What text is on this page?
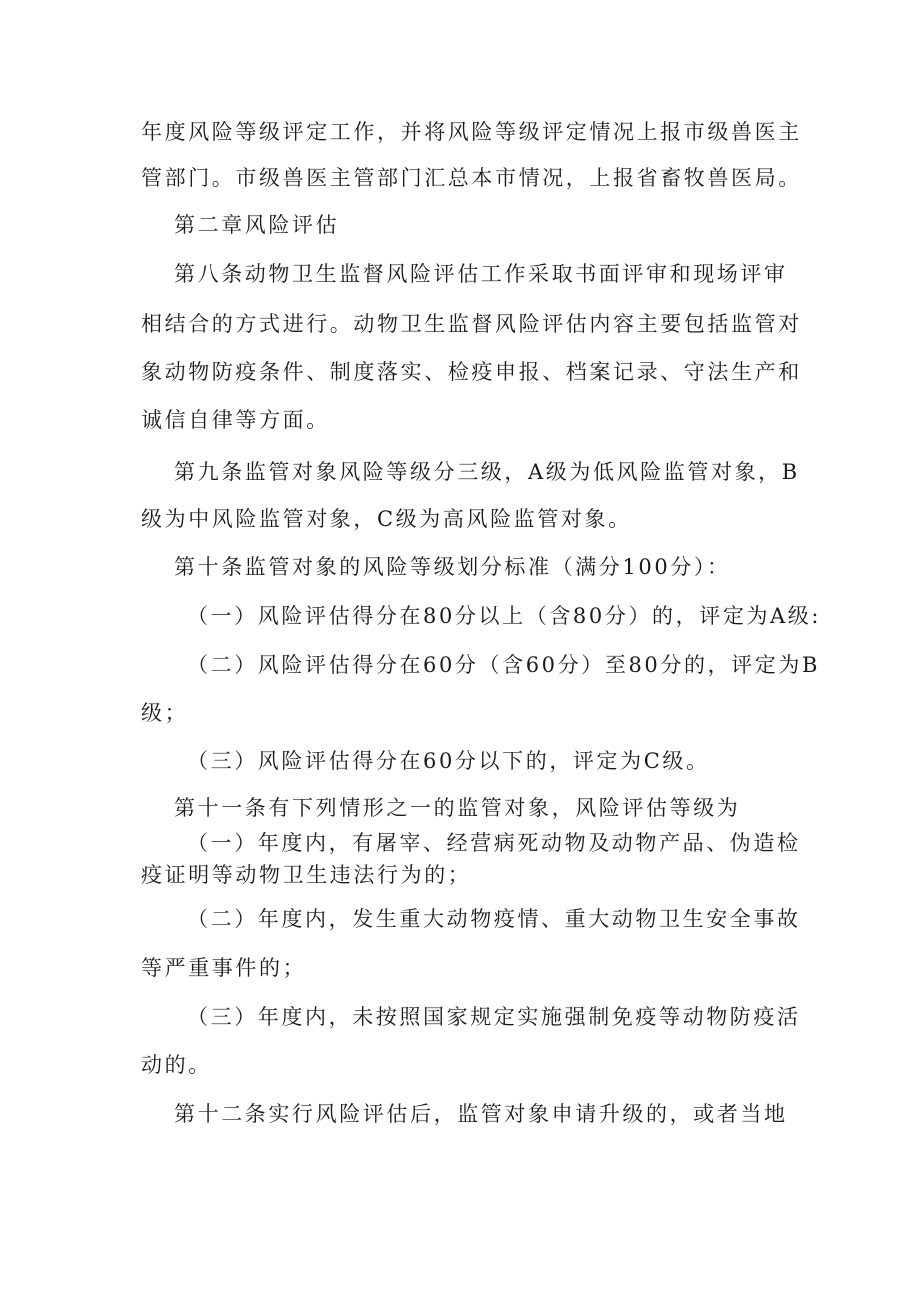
年度风险等级评定工作，并将风险等级评定情况上报市级兽医主
管部门。市级兽医主管部门汇总本市情况，上报省畜牧兽医局。
第二章风险评估
第八条动物卫生监督风险评估工作采取书面评审和现场评审
相结合的方式进行。动物卫生监督风险评估内容主要包括监管对
象动物防疫条件、制度落实、检疫申报、档案记录、守法生产和
诚信自律等方面。
第九条监管对象风险等级分三级，A级为低风险监管对象，B
级为中风险监管对象，C级为高风险监管对象。
第十条监管对象的风险等级划分标准（满分100分）：
（一）风险评估得分在80分以上（含80分）的，评定为A级:
（二）风险评估得分在60分（含60分）至80分的，评定为B
级；
（三）风险评估得分在60分以下的，评定为C级。
第十一条有下列情形之一的监管对象，风险评估等级为
（一）年度内，有屠宰、经营病死动物及动物产品、伪造检
疫证明等动物卫生违法行为的；
（二）年度内，发生重大动物疫情、重大动物卫生安全事故
等严重事件的；
（三）年度内，未按照国家规定实施强制免疫等动物防疫活
动的。
第十二条实行风险评估后，监管对象申请升级的，或者当地
